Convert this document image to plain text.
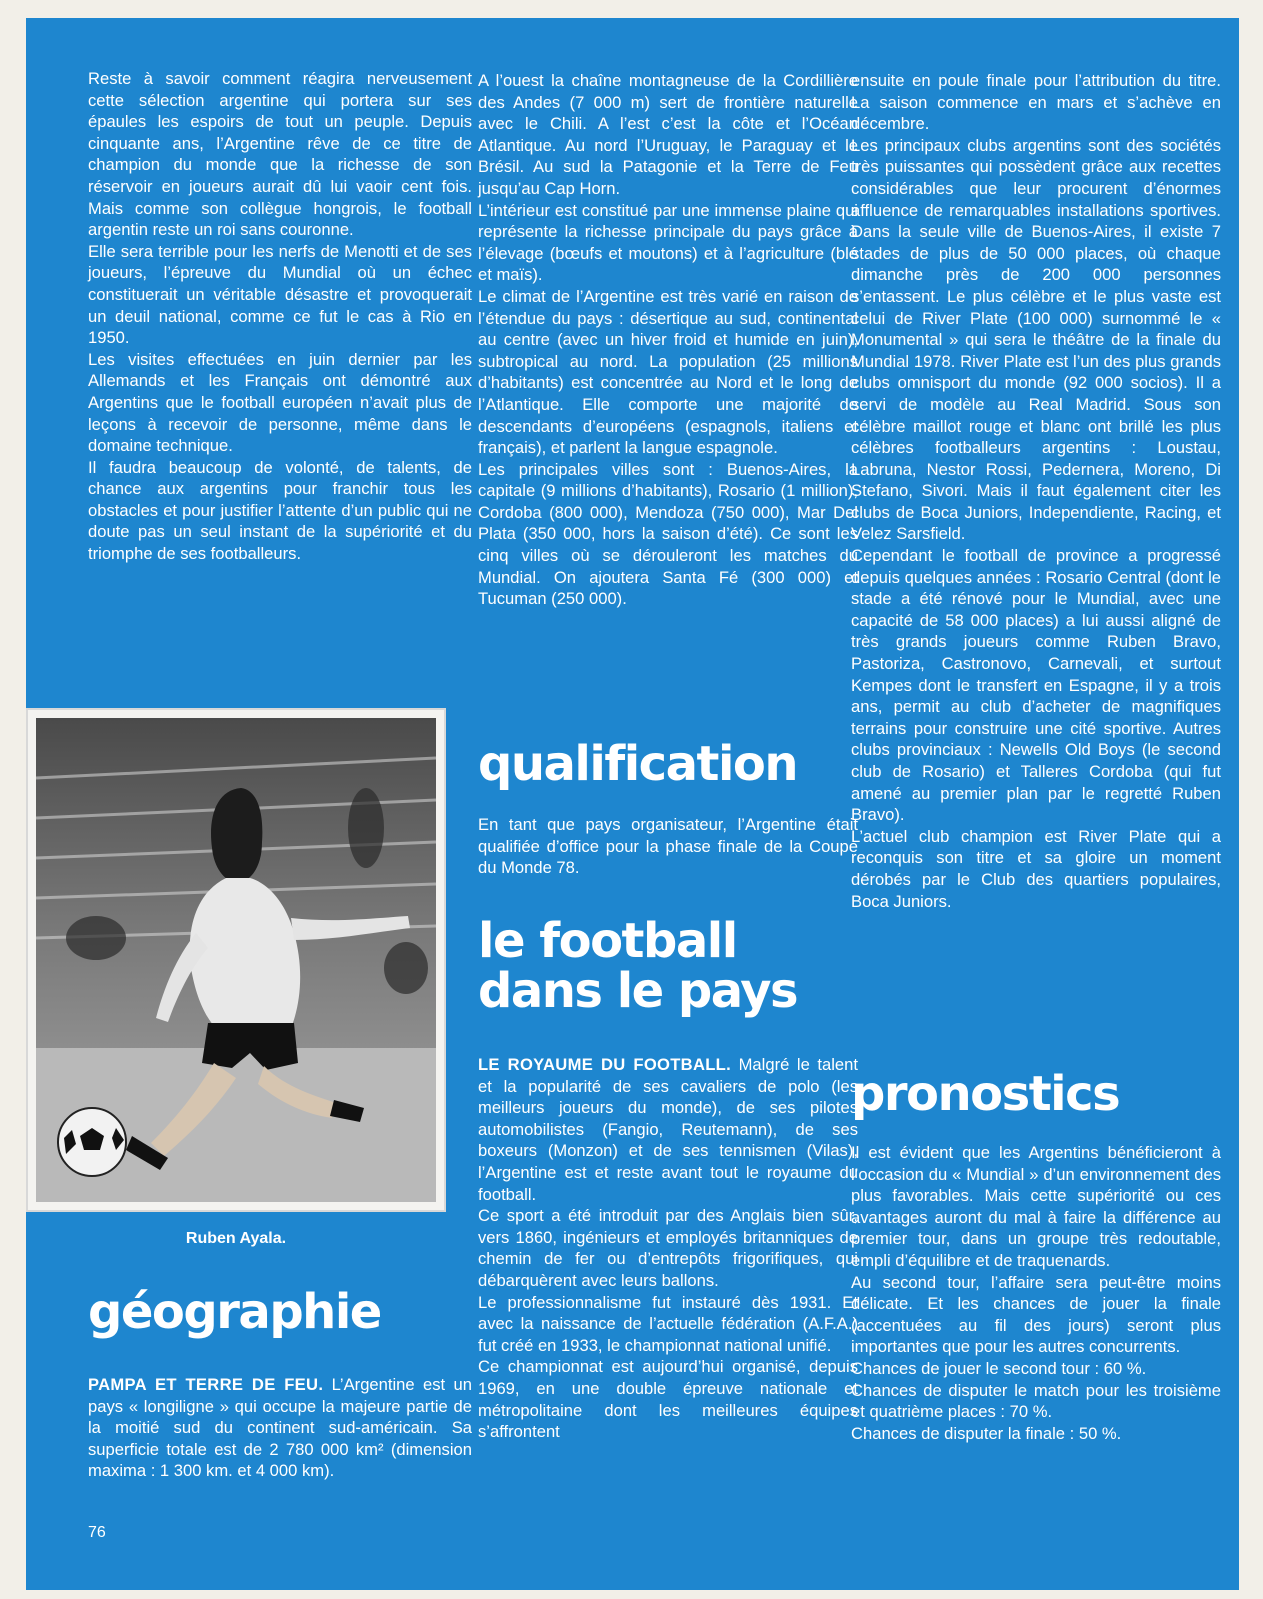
Reste à savoir comment réagira nerveusement cette sélection argentine qui portera sur ses épaules les espoirs de tout un peuple. Depuis cinquante ans, l’Argentine rêve de ce titre de champion du monde que la richesse de son réservoir en joueurs aurait dû lui vaoir cent fois. Mais comme son collègue hongrois, le football argentin reste un roi sans couronne.

Elle sera terrible pour les nerfs de Menotti et de ses joueurs, l’épreuve du Mundial où un échec constituerait un véritable désastre et provoquerait un deuil national, comme ce fut le cas à Rio en 1950.

Les visites effectuées en juin dernier par les Allemands et les Français ont démontré aux Argentins que le football européen n’avait plus de leçons à recevoir de personne, même dans le domaine technique.

Il faudra beaucoup de volonté, de talents, de chance aux argentins pour franchir tous les obstacles et pour justifier l’attente d’un public qui ne doute pas un seul instant de la supériorité et du triomphe de ses footballeurs.

Ruben Ayala.
géographie

PAMPA ET TERRE DE FEU. L’Argentine est un pays « longiligne » qui occupe la majeure partie de la moitié sud du continent sud-américain. Sa superficie totale est de 2 780 000 km² (dimension maxima : 1 300 km. et 4 000 km).

A l’ouest la chaîne montagneuse de la Cordillière des Andes (7 000 m) sert de frontière naturelle avec le Chili. A l’est c’est la côte et l’Océan Atlantique. Au nord l’Uruguay, le Paraguay et le Brésil. Au sud la Patagonie et la Terre de Feu jusqu’au Cap Horn.

L’intérieur est constitué par une immense plaine qui représente la richesse principale du pays grâce à l’élevage (bœufs et moutons) et à l’agriculture (blé et maïs).

Le climat de l’Argentine est très varié en raison de l’étendue du pays : désertique au sud, continental au centre (avec un hiver froid et humide en juin), subtropical au nord. La population (25 millions d’habitants) est concentrée au Nord et le long de l’Atlantique. Elle comporte une majorité de descendants d’européens (espagnols, italiens et français), et parlent la langue espagnole.

Les principales villes sont : Buenos-Aires, la capitale (9 millions d’habitants), Rosario (1 million), Cordoba (800 000), Mendoza (750 000), Mar Del Plata (350 000, hors la saison d’été). Ce sont les cinq villes où se dérouleront les matches du Mundial. On ajoutera Santa Fé (300 000) et Tucuman (250 000).

qualification

En tant que pays organisateur, l’Argentine était qualifiée d’office pour la phase finale de la Coupe du Monde 78.

le football
dans le pays

LE ROYAUME DU FOOTBALL. Malgré le talent et la popularité de ses cavaliers de polo (les meilleurs joueurs du monde), de ses pilotes automobilistes (Fangio, Reutemann), de ses boxeurs (Monzon) et de ses tennismen (Vilas), l’Argentine est et reste avant tout le royaume du football.

Ce sport a été introduit par des Anglais bien sûr, vers 1860, ingénieurs et employés britanniques de chemin de fer ou d’entrepôts frigorifiques, qui débarquèrent avec leurs ballons.

Le professionnalisme fut instauré dès 1931. Et avec la naissance de l’actuelle fédération (A.F.A.) fut créé en 1933, le championnat national unifié.

Ce championnat est aujourd’hui organisé, depuis 1969, en une double épreuve nationale et métropolitaine dont les meilleures équipes s’affrontent

ensuite en poule finale pour l’attribution du titre. La saison commence en mars et s’achève en décembre.

Les principaux clubs argentins sont des sociétés très puissantes qui possèdent grâce aux recettes considérables que leur procurent d’énormes affluence de remarquables installations sportives. Dans la seule ville de Buenos-Aires, il existe 7 stades de plus de 50 000 places, où chaque dimanche près de 200 000 personnes s’entassent. Le plus célèbre et le plus vaste est celui de River Plate (100 000) surnommé le « Monumental » qui sera le théâtre de la finale du Mundial 1978. River Plate est l’un des plus grands clubs omnisport du monde (92 000 socios). Il a servi de modèle au Real Madrid. Sous son célèbre maillot rouge et blanc ont brillé les plus célèbres footballeurs argentins : Loustau, Labruna, Nestor Rossi, Pedernera, Moreno, Di Stefano, Sivori. Mais il faut également citer les clubs de Boca Juniors, Independiente, Racing, et Velez Sarsfield.

Cependant le football de province a progressé depuis quelques années : Rosario Central (dont le stade a été rénové pour le Mundial, avec une capacité de 58 000 places) a lui aussi aligné de très grands joueurs comme Ruben Bravo, Pastoriza, Castronovo, Carnevali, et surtout Kempes dont le transfert en Espagne, il y a trois ans, permit au club d’acheter de magnifiques terrains pour construire une cité sportive. Autres clubs provinciaux : Newells Old Boys (le second club de Rosario) et Talleres Cordoba (qui fut amené au premier plan par le regretté Ruben Bravo).

L’actuel club champion est River Plate qui a reconquis son titre et sa gloire un moment dérobés par le Club des quartiers populaires, Boca Juniors.

pronostics

Il est évident que les Argentins bénéficieront à l’occasion du « Mundial » d’un environnement des plus favorables. Mais cette supériorité ou ces avantages auront du mal à faire la différence au premier tour, dans un groupe très redoutable, empli d’équilibre et de traquenards.

Au second tour, l’affaire sera peut-être moins délicate. Et les chances de jouer la finale (accentuées au fil des jours) seront plus importantes que pour les autres concurrents.

Chances de jouer le second tour : 60 %.

Chances de disputer le match pour les troisième et quatrième places : 70 %.

Chances de disputer la finale : 50 %.

76
